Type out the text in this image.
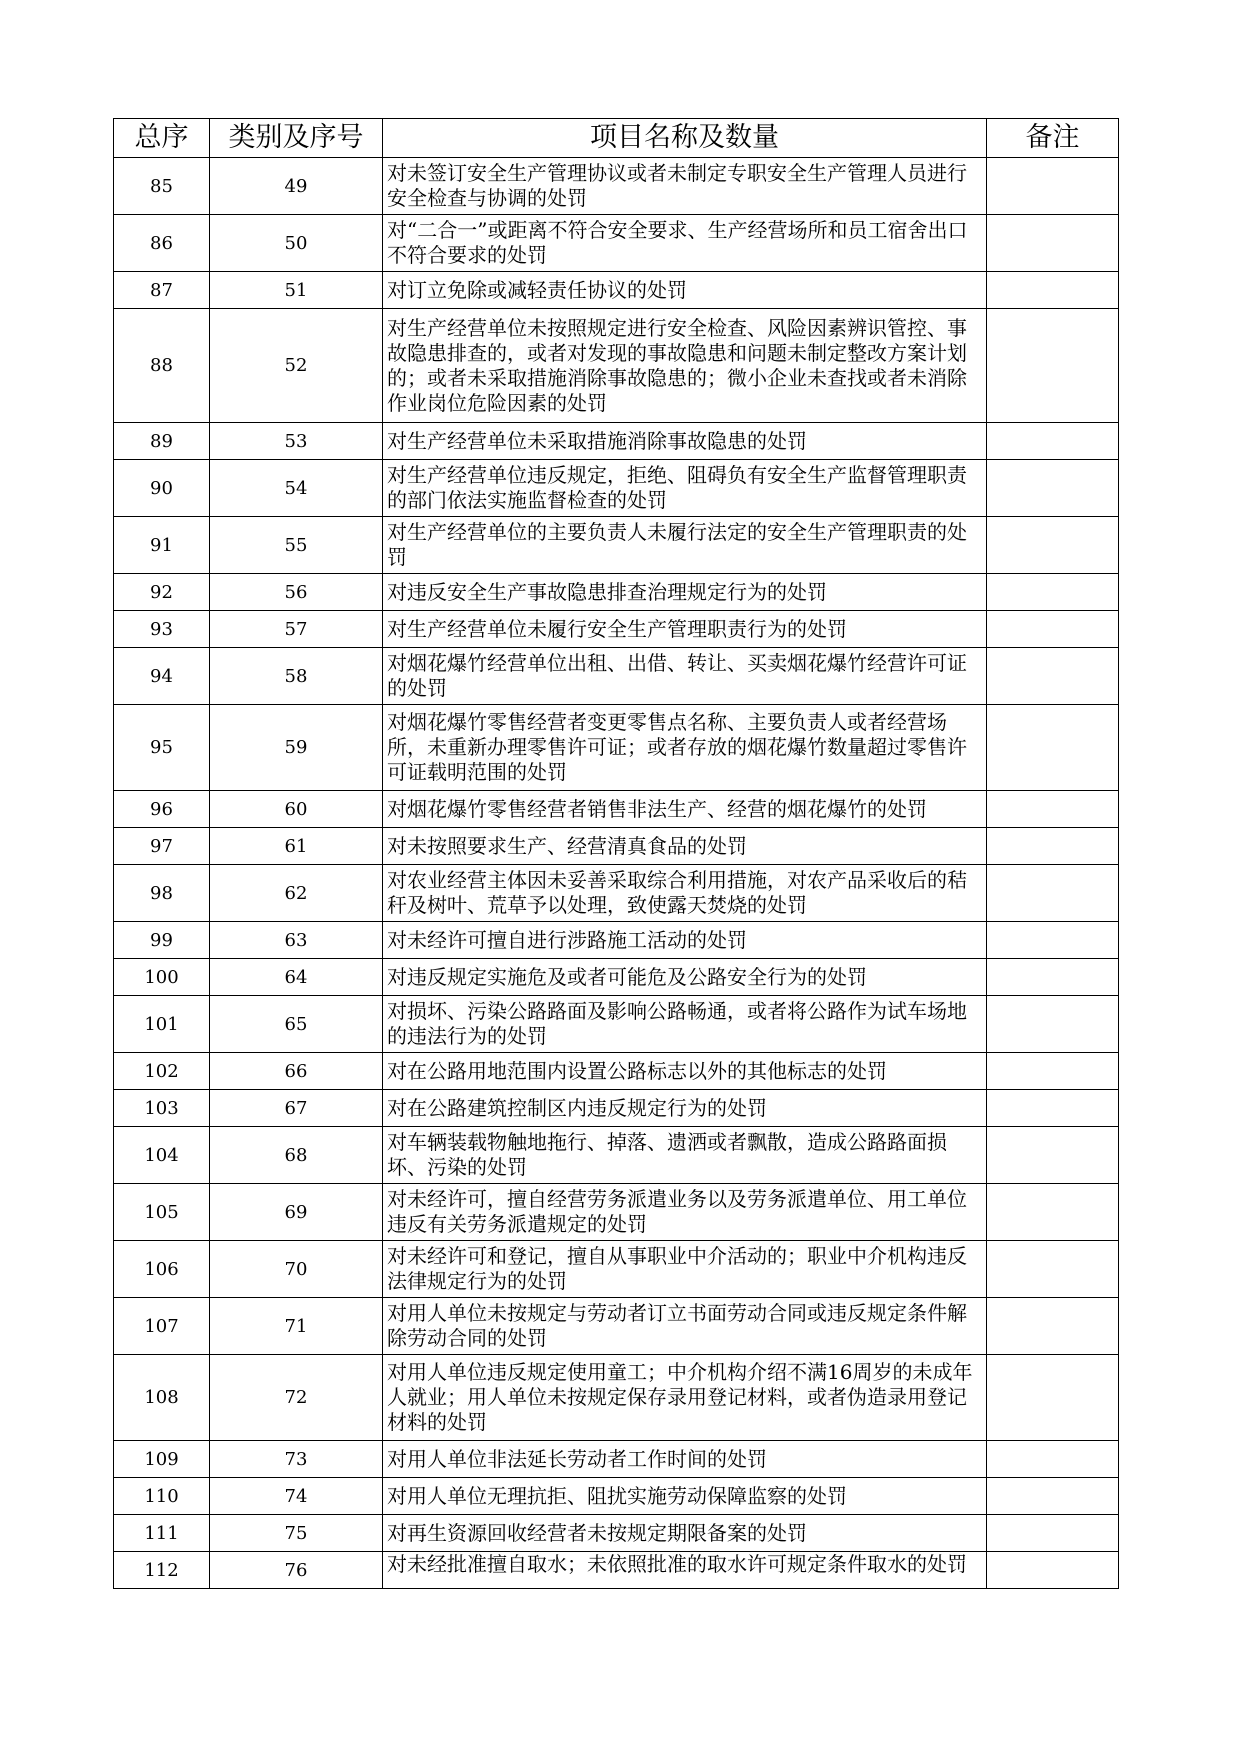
总序	类别及序号	项目名称及数量	备注
85	49	对未签订安全生产管理协议或者未制定专职安全生产管理人员进行安全检查与协调的处罚	
86	50	对“二合一”或距离不符合安全要求、生产经营场所和员工宿舍出口不符合要求的处罚	
87	51	对订立免除或减轻责任协议的处罚	
88	52	对生产经营单位未按照规定进行安全检查、风险因素辨识管控、事故隐患排查的，或者对发现的事故隐患和问题未制定整改方案计划的；或者未采取措施消除事故隐患的；微小企业未查找或者未消除作业岗位危险因素的处罚	
89	53	对生产经营单位未采取措施消除事故隐患的处罚	
90	54	对生产经营单位违反规定，拒绝、阻碍负有安全生产监督管理职责的部门依法实施监督检查的处罚	
91	55	对生产经营单位的主要负责人未履行法定的安全生产管理职责的处罚	
92	56	对违反安全生产事故隐患排查治理规定行为的处罚	
93	57	对生产经营单位未履行安全生产管理职责行为的处罚	
94	58	对烟花爆竹经营单位出租、出借、转让、买卖烟花爆竹经营许可证的处罚	
95	59	对烟花爆竹零售经营者变更零售点名称、主要负责人或者经营场所，未重新办理零售许可证；或者存放的烟花爆竹数量超过零售许可证载明范围的处罚	
96	60	对烟花爆竹零售经营者销售非法生产、经营的烟花爆竹的处罚	
97	61	对未按照要求生产、经营清真食品的处罚	
98	62	对农业经营主体因未妥善采取综合利用措施，对农产品采收后的秸秆及树叶、荒草予以处理，致使露天焚烧的处罚	
99	63	对未经许可擅自进行涉路施工活动的处罚	
100	64	对违反规定实施危及或者可能危及公路安全行为的处罚	
101	65	对损坏、污染公路路面及影响公路畅通，或者将公路作为试车场地的违法行为的处罚	
102	66	对在公路用地范围内设置公路标志以外的其他标志的处罚	
103	67	对在公路建筑控制区内违反规定行为的处罚	
104	68	对车辆装载物触地拖行、掉落、遗洒或者飘散，造成公路路面损坏、污染的处罚	
105	69	对未经许可，擅自经营劳务派遣业务以及劳务派遣单位、用工单位违反有关劳务派遣规定的处罚	
106	70	对未经许可和登记，擅自从事职业中介活动的；职业中介机构违反法律规定行为的处罚	
107	71	对用人单位未按规定与劳动者订立书面劳动合同或违反规定条件解除劳动合同的处罚	
108	72	对用人单位违反规定使用童工；中介机构介绍不满16周岁的未成年人就业；用人单位未按规定保存录用登记材料，或者伪造录用登记材料的处罚	
109	73	对用人单位非法延长劳动者工作时间的处罚	
110	74	对用人单位无理抗拒、阻扰实施劳动保障监察的处罚	
111	75	对再生资源回收经营者未按规定期限备案的处罚	
112	76	对未经批准擅自取水；未依照批准的取水许可规定条件取水的处罚	
